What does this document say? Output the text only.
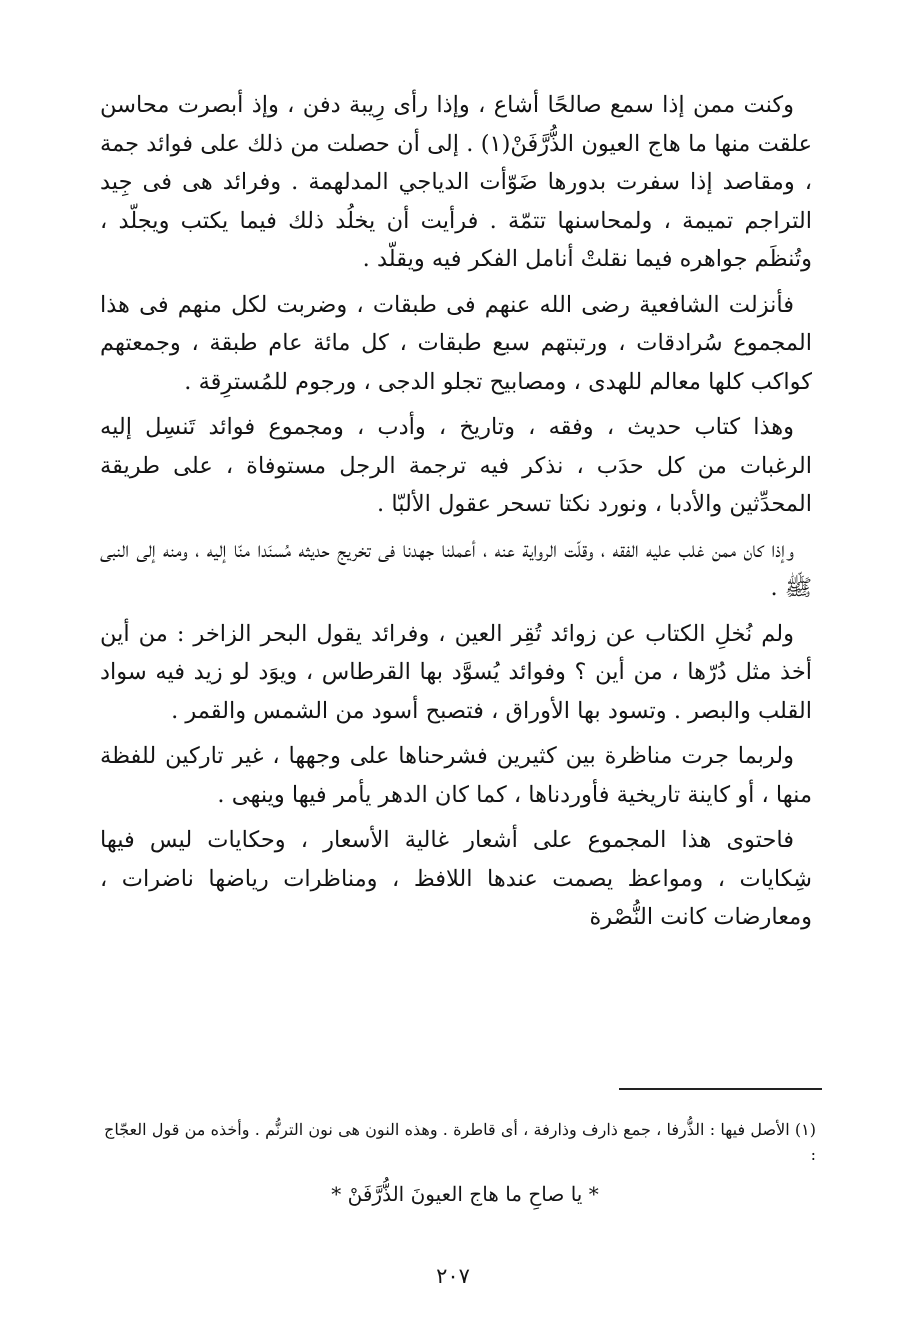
وكنت ممن إذا سمع صالحًا أشاع ، وإذا رأى رِيبة دفن ، وإذ أبصرت محاسن علقت منها ما هاج العيون الذُّرَّفَنْ(١) . إلى أن حصلت من ذلك على فوائد جمة ، ومقاصد إذا سفرت بدورها ضَوّأت الدياجي المدلهمة . وفرائد هى فى جِيد التراجم تميمة ، ولمحاسنها تتمّة . فرأيت أن يخلُد ذلك فيما يكتب ويجلّد ، وتُنظَم جواهره فيما نقلتْ أنامل الفكر فيه ويقلّد .

فأنزلت الشافعية رضى الله عنهم فى طبقات ، وضربت لكل منهم فى هذا المجموع سُرادقات ، ورتبتهم سبع طبقات ، كل مائة عام طبقة ، وجمعتهم كواكب كلها معالم للهدى ، ومصابيح تجلو الدجى ، ورجوم للمُسترِقة .

وهذا كتاب حديث ، وفقه ، وتاريخ ، وأدب ، ومجموع فوائد تَنسِل إليه الرغبات من كل حدَب ، نذكر فيه ترجمة الرجل مستوفاة ، على طريقة المحدِّثين والأدبا ، ونورد نكتا تسحر عقول الألبّا .

وإذا كان ممن غلب عليه الفقه ، وقلّت الرواية عنه ، أعملنا جهدنا فى تخريج حديثه مُسنَدا منّا إليه ، ومنه إلى النبى ﷺ .

ولم نُخلِ الكتاب عن زوائد تُقِر العين ، وفرائد يقول البحر الزاخر : من أين أخذ مثل دُرّها ، من أين ؟ وفوائد يُسوَّد بها القرطاس ، ويوَد لو زيد فيه سواد القلب والبصر . وتسود بها الأوراق ، فتصبح أسود من الشمس والقمر .

ولربما جرت مناظرة بين كثيرين فشرحناها على وجهها ، غير تاركين للفظة منها ، أو كاينة تاريخية فأوردناها ، كما كان الدهر يأمر فيها وينهى .

فاحتوى هذا المجموع على أشعار غالية الأسعار ، وحكايات ليس فيها شِكايات ، ومواعظ يصمت عندها اللافظ ، ومناظرات رياضها ناضرات ، ومعارضات كانت النُّصْرة

(١) الأصل فيها : الذُّرفا ، جمع ذارف وذارفة ، أى قاطرة . وهذه النون هى نون الترنُّم . وأخذه من قول العجّاج :

* يا صاحِ ما هاج العيونَ الذُّرَّفَنْ *

٢٠٧
